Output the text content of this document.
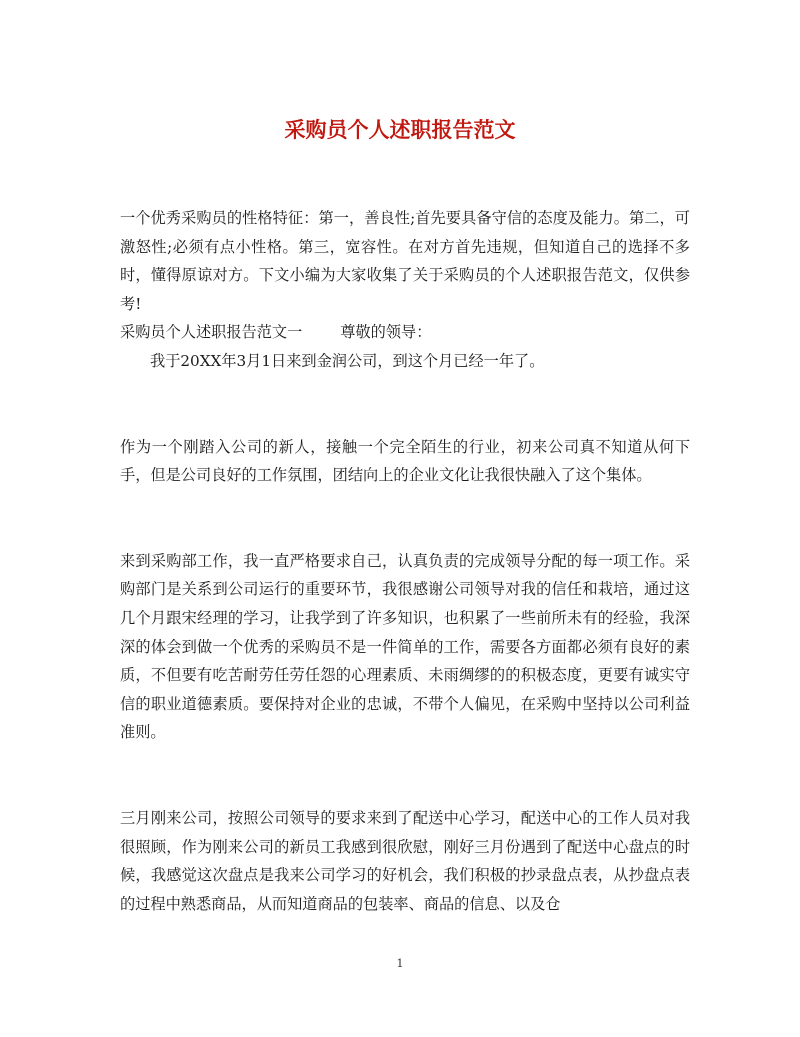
采购员个人述职报告范文

一个优秀采购员的性格特征：第一，善良性;首先要具备守信的态度及能力。第二，可激怒性;必须有点小性格。第三，宽容性。在对方首先违规，但知道自己的选择不多时，懂得原谅对方。下文小编为大家收集了关于采购员的个人述职报告范文，仅供参考!

采购员个人述职报告范文一	尊敬的领导：

我于20XX年3月1日来到金润公司，到这个月已经一年了。

作为一个刚踏入公司的新人，接触一个完全陌生的行业，初来公司真不知道从何下手，但是公司良好的工作氛围，团结向上的企业文化让我很快融入了这个集体。

来到采购部工作，我一直严格要求自己，认真负责的完成领导分配的每一项工作。采购部门是关系到公司运行的重要环节，我很感谢公司领导对我的信任和栽培，通过这几个月跟宋经理的学习，让我学到了许多知识，也积累了一些前所未有的经验，我深深的体会到做一个优秀的采购员不是一件简单的工作，需要各方面都必须有良好的素质，不但要有吃苦耐劳任劳任怨的心理素质、未雨绸缪的的积极态度，更要有诚实守信的职业道德素质。要保持对企业的忠诚，不带个人偏见，在采购中坚持以公司利益准则。

三月刚来公司，按照公司领导的要求来到了配送中心学习，配送中心的工作人员对我很照顾，作为刚来公司的新员工我感到很欣慰，刚好三月份遇到了配送中心盘点的时候，我感觉这次盘点是我来公司学习的好机会，我们积极的抄录盘点表，从抄盘点表的过程中熟悉商品，从而知道商品的包装率、商品的信息、以及仓

1
